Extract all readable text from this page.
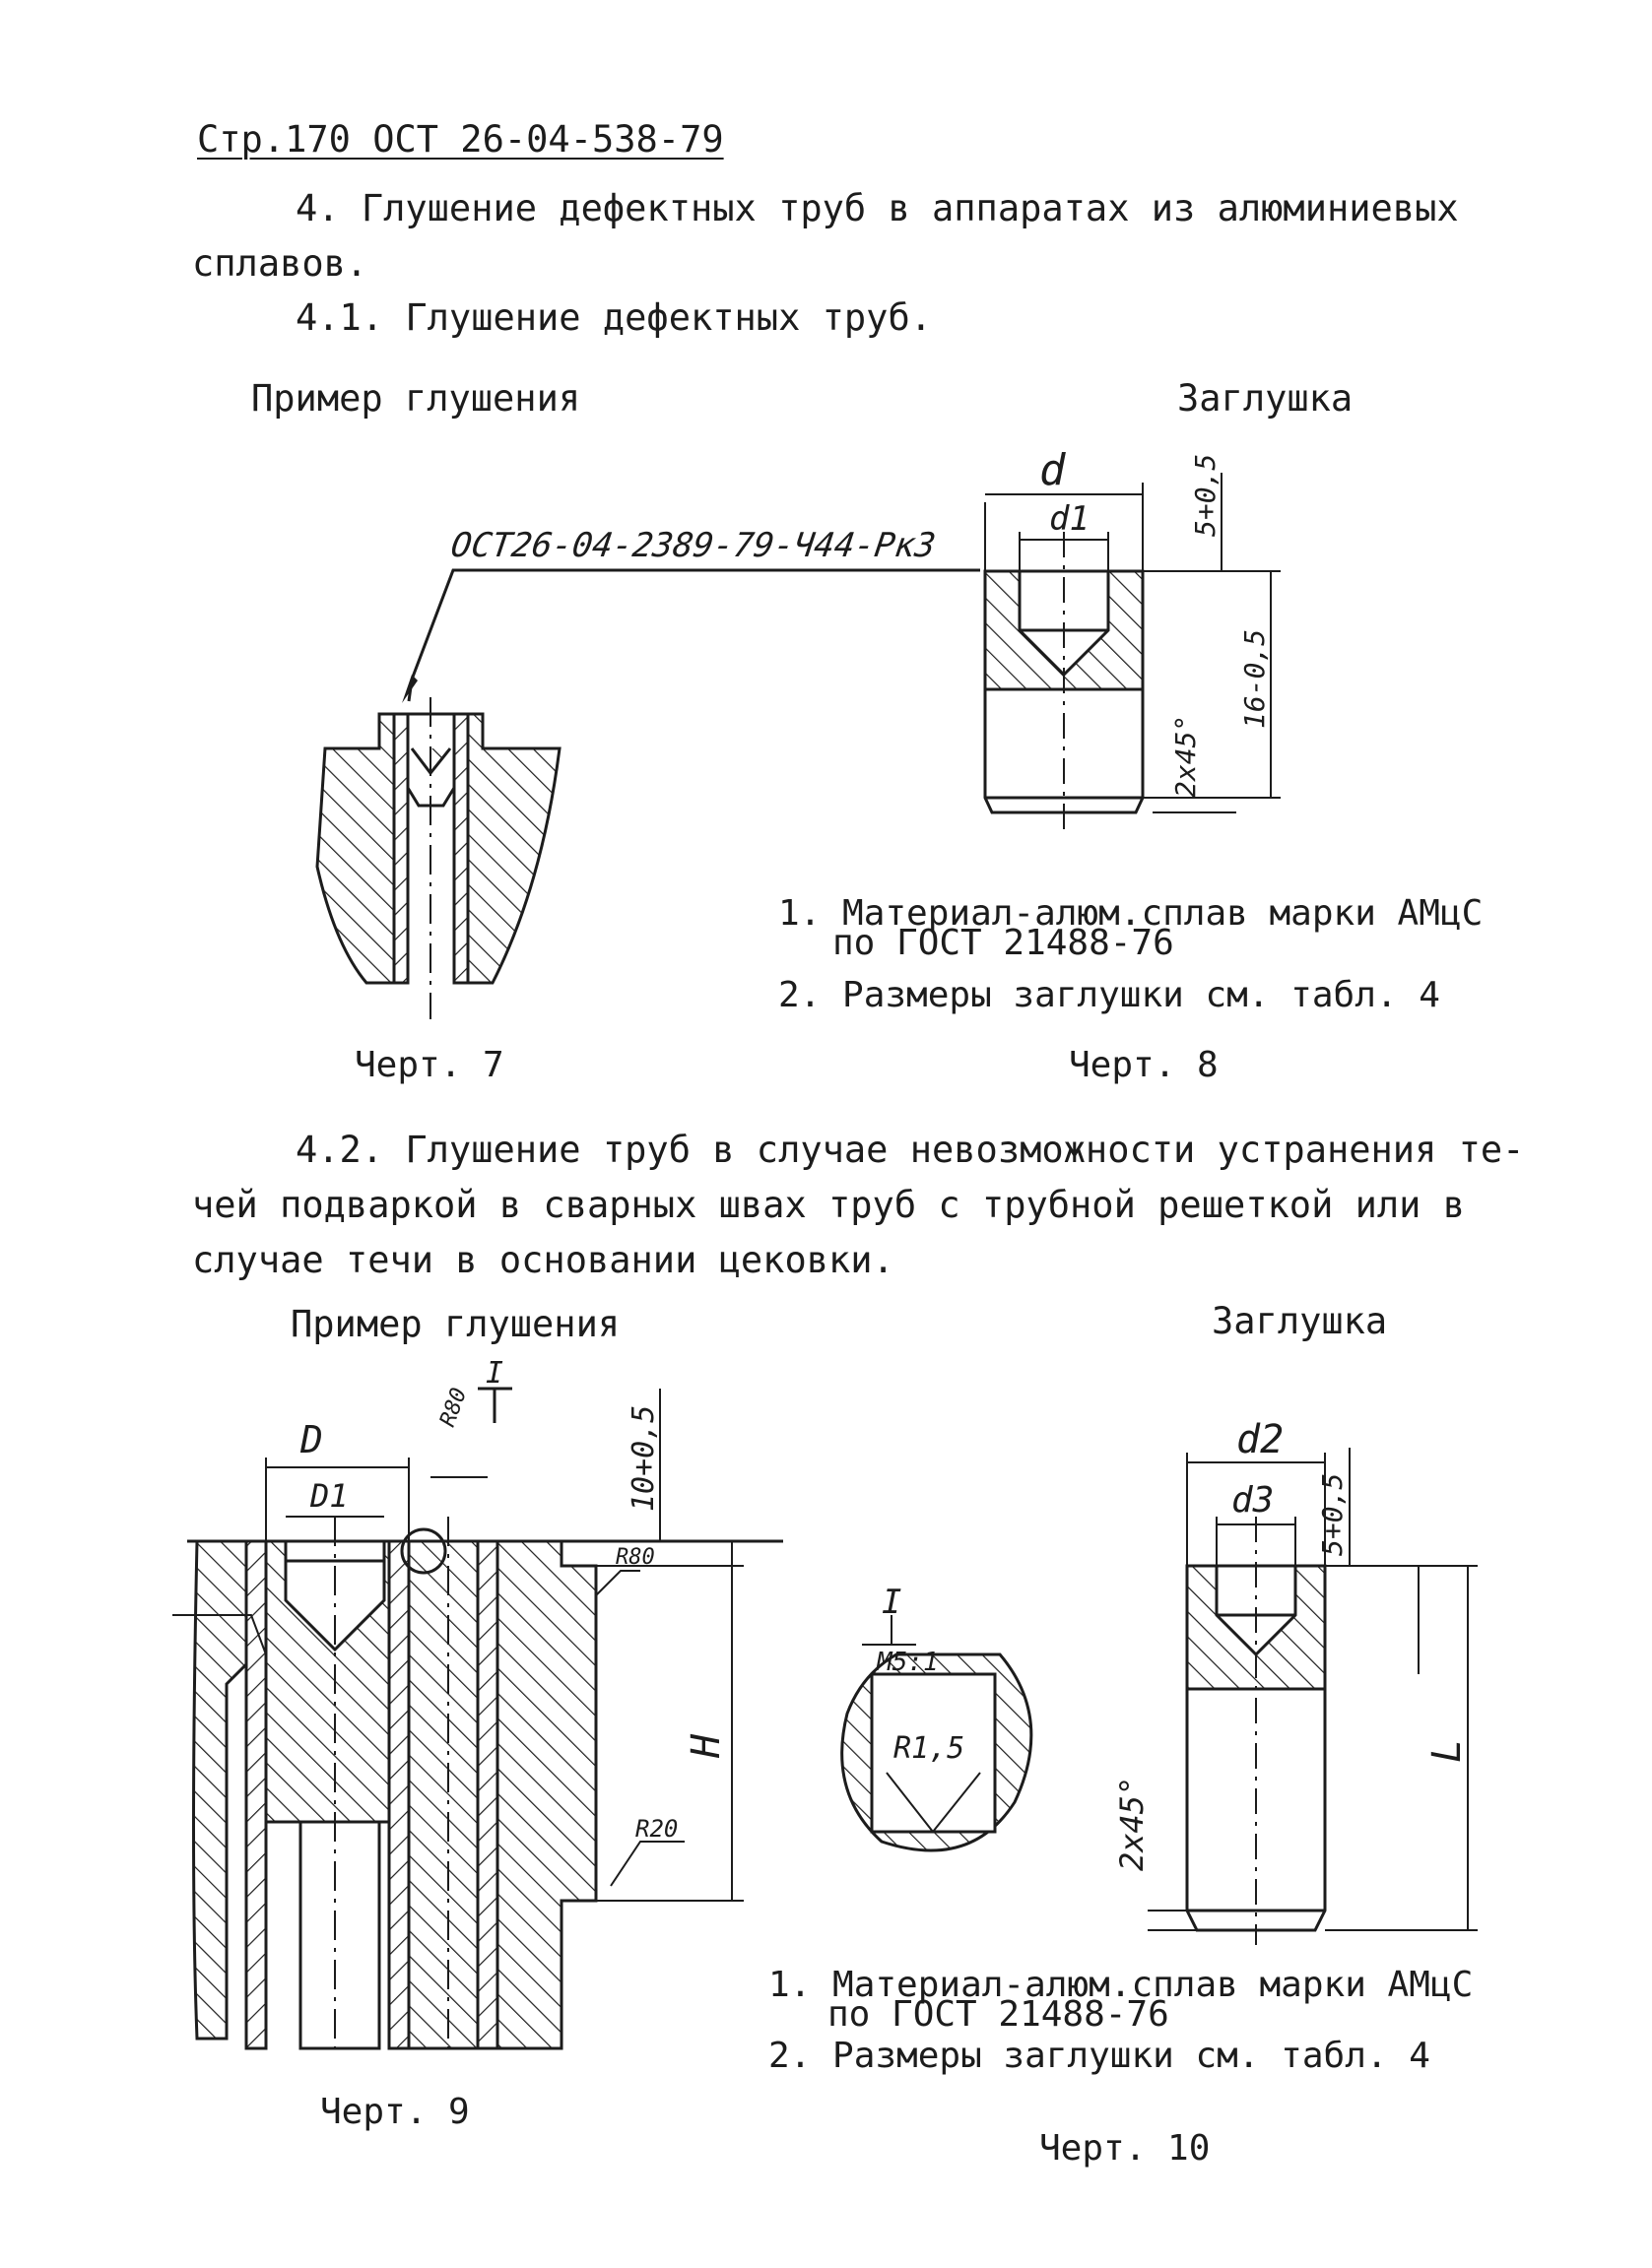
Стр.170 ОСТ 26-04-538-79
4. Глушение дефектных труб в аппаратах из алюминиевых
сплавов.
4.1. Глушение дефектных труб.
Пример глушения	Заглушка
1. Материал-алюм.сплав марки АМцС
по ГОСТ 21488-76
2. Размеры заглушки см. табл. 4
Черт. 7	Черт. 8
4.2. Глушение труб в случае невозможности устранения те-
чей подваркой в сварных швах труб с трубной решеткой или в
случае течи в основании цековки.
Пример глушения	Заглушка
1. Материал-алюм.сплав марки АМцС
по ГОСТ 21488-76
2. Размеры заглушки см. табл. 4
Черт. 9
Черт. 10
ОСТ26-04-2389-79-Ч44-Рк3
d
d1	5+0,5
16-0,5
2x45°
D
D1
R80
R80
R20
H
10+0,5
I
I
M5:1
R1,5
d2
d3 5+0,5
L
2x45°
